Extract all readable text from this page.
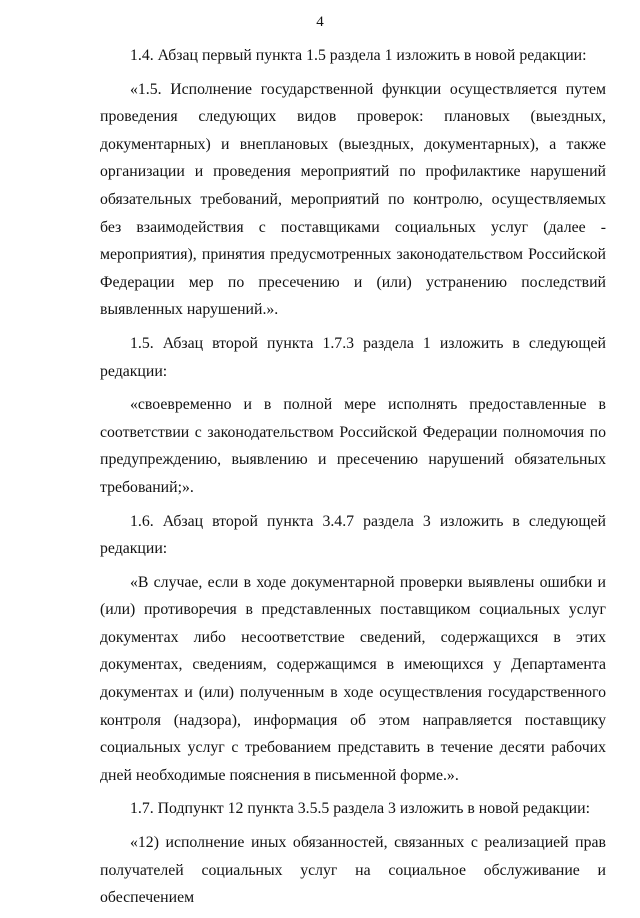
4

1.4. Абзац первый пункта 1.5 раздела 1 изложить в новой редакции:

«1.5. Исполнение государственной функции осуществляется путем проведения следующих видов проверок: плановых (выездных, документарных) и внеплановых (выездных, документарных), а также организации и проведения мероприятий по профилактике нарушений обязательных требований, мероприятий по контролю, осуществляемых без взаимодействия с поставщиками социальных услуг (далее - мероприятия), принятия предусмотренных законодательством Российской Федерации мер по пресечению и (или) устранению последствий выявленных нарушений.».

1.5. Абзац второй пункта 1.7.3 раздела 1 изложить в следующей редакции:

«своевременно и в полной мере исполнять предоставленные в соответствии с законодательством Российской Федерации полномочия по предупреждению, выявлению и пресечению нарушений обязательных требований;».

1.6. Абзац второй пункта 3.4.7 раздела 3 изложить в следующей редакции:

«В случае, если в ходе документарной проверки выявлены ошибки и (или) противоречия в представленных поставщиком социальных услуг документах либо несоответствие сведений, содержащихся в этих документах, сведениям, содержащимся в имеющихся у Департамента документах и (или) полученным в ходе осуществления государственного контроля (надзора), информация об этом направляется поставщику социальных услуг с требованием представить в течение десяти рабочих дней необходимые пояснения в письменной форме.».

1.7. Подпункт 12 пункта 3.5.5 раздела 3 изложить в новой редакции:

«12) исполнение иных обязанностей, связанных с реализацией прав получателей социальных услуг на социальное обслуживание и обеспечением
